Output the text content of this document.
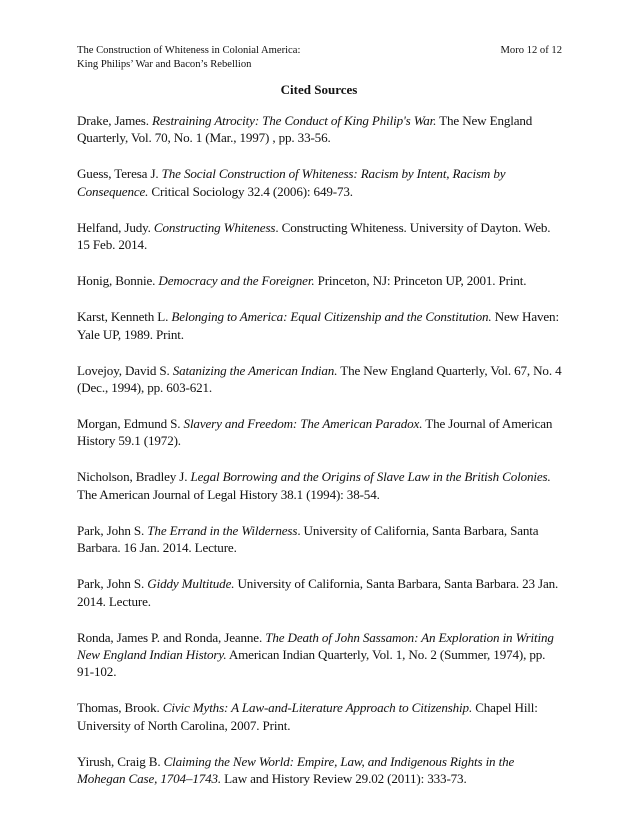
The Construction of Whiteness in Colonial America:
King Philips’ War and Bacon’s Rebellion
Moro 12 of 12
Cited Sources

Drake, James. Restraining Atrocity: The Conduct of King Philip's War. The New England Quarterly, Vol. 70, No. 1 (Mar., 1997) , pp. 33-56.

Guess, Teresa J. The Social Construction of Whiteness: Racism by Intent, Racism by Consequence. Critical Sociology 32.4 (2006): 649-73.

Helfand, Judy. Constructing Whiteness. Constructing Whiteness. University of Dayton. Web. 15 Feb. 2014.

Honig, Bonnie. Democracy and the Foreigner. Princeton, NJ: Princeton UP, 2001. Print.

Karst, Kenneth L. Belonging to America: Equal Citizenship and the Constitution. New Haven: Yale UP, 1989. Print.

Lovejoy, David S. Satanizing the American Indian. The New England Quarterly, Vol. 67, No. 4 (Dec., 1994), pp. 603-621.

Morgan, Edmund S. Slavery and Freedom: The American Paradox. The Journal of American History 59.1 (1972).

Nicholson, Bradley J. Legal Borrowing and the Origins of Slave Law in the British Colonies. The American Journal of Legal History 38.1 (1994): 38-54.

Park, John S. The Errand in the Wilderness. University of California, Santa Barbara, Santa Barbara. 16 Jan. 2014. Lecture.

Park, John S. Giddy Multitude. University of California, Santa Barbara, Santa Barbara. 23 Jan. 2014. Lecture.

Ronda, James P. and Ronda, Jeanne. The Death of John Sassamon: An Exploration in Writing New England Indian History. American Indian Quarterly, Vol. 1, No. 2 (Summer, 1974), pp. 91-102.

Thomas, Brook. Civic Myths: A Law-and-Literature Approach to Citizenship. Chapel Hill: University of North Carolina, 2007. Print.

Yirush, Craig B. Claiming the New World: Empire, Law, and Indigenous Rights in the Mohegan Case, 1704–1743. Law and History Review 29.02 (2011): 333-73.
